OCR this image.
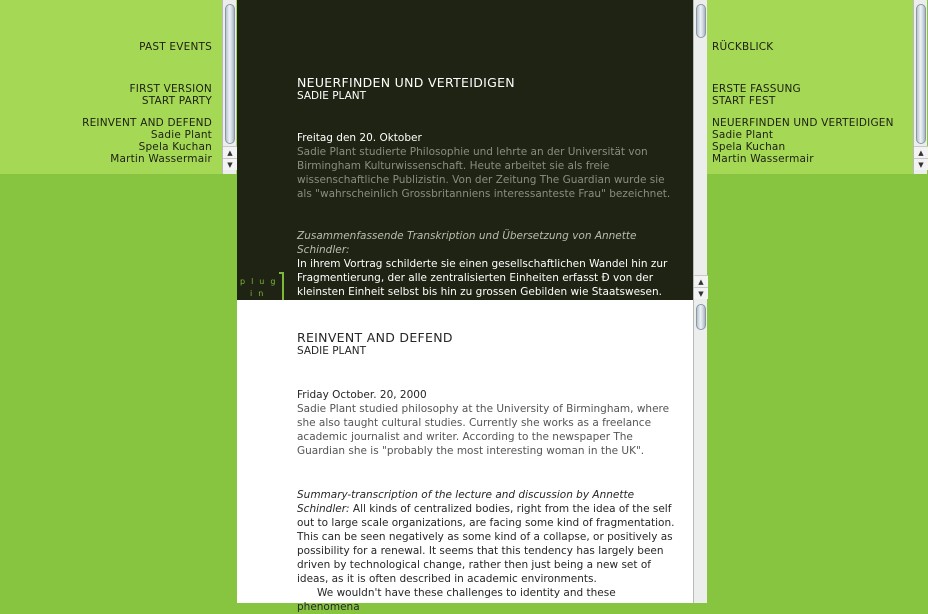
PAST EVENTS
FIRST VERSION
START PARTY
REINVENT AND DEFEND
Sadie Plant
Spela Kuchan
Martin Wassermair	▲
▼
RÜCKBLICK
ERSTE FASSUNG
START FEST
NEUERFINDEN UND VERTEIDIGEN
Sadie Plant
Spela Kuchan
Martin Wassermair	▲
▼
NEUERFINDEN UND VERTEIDIGEN
SADIE PLANT

Freitag den 20. Oktober

Sadie Plant studierte Philosophie und lehrte an der Universität von Birmingham Kulturwissenschaft. Heute arbeitet sie als freie wissenschaftliche Publizistin. Von der Zeitung The Guardian wurde sie als "wahrscheinlich Grossbritanniens interessanteste Frau" bezeichnet.

Zusammenfassende Transkription und Übersetzung von Annette Schindler:
In ihrem Vortrag schilderte sie einen gesellschaftlichen Wandel hin zur Fragmentierung, der alle zentralisierten Einheiten erfasst Ð von der kleinsten Einheit selbst bis hin zu grossen Gebilden wie Staatswesen.

▲
▼
plug
in
REINVENT AND DEFEND
SADIE PLANT

Friday October. 20, 2000

Sadie Plant studied philosophy at the University of Birmingham, where she also taught cultural studies. Currently she works as a freelance academic journalist and writer. According to the newspaper The Guardian she is "probably the most interesting woman in the UK".

Summary-transcription of the lecture and discussion by Annette Schindler: All kinds of centralized bodies, right from the idea of the self out to large scale organizations, are facing some kind of fragmentation. This can be seen negatively as some kind of a collapse, or positively as possibility for a renewal. It seems that this tendency has largely been driven by technological change, rather then just being a new set of ideas, as it is often described in academic environments.

We wouldn't have these challenges to identity and these phenomena
